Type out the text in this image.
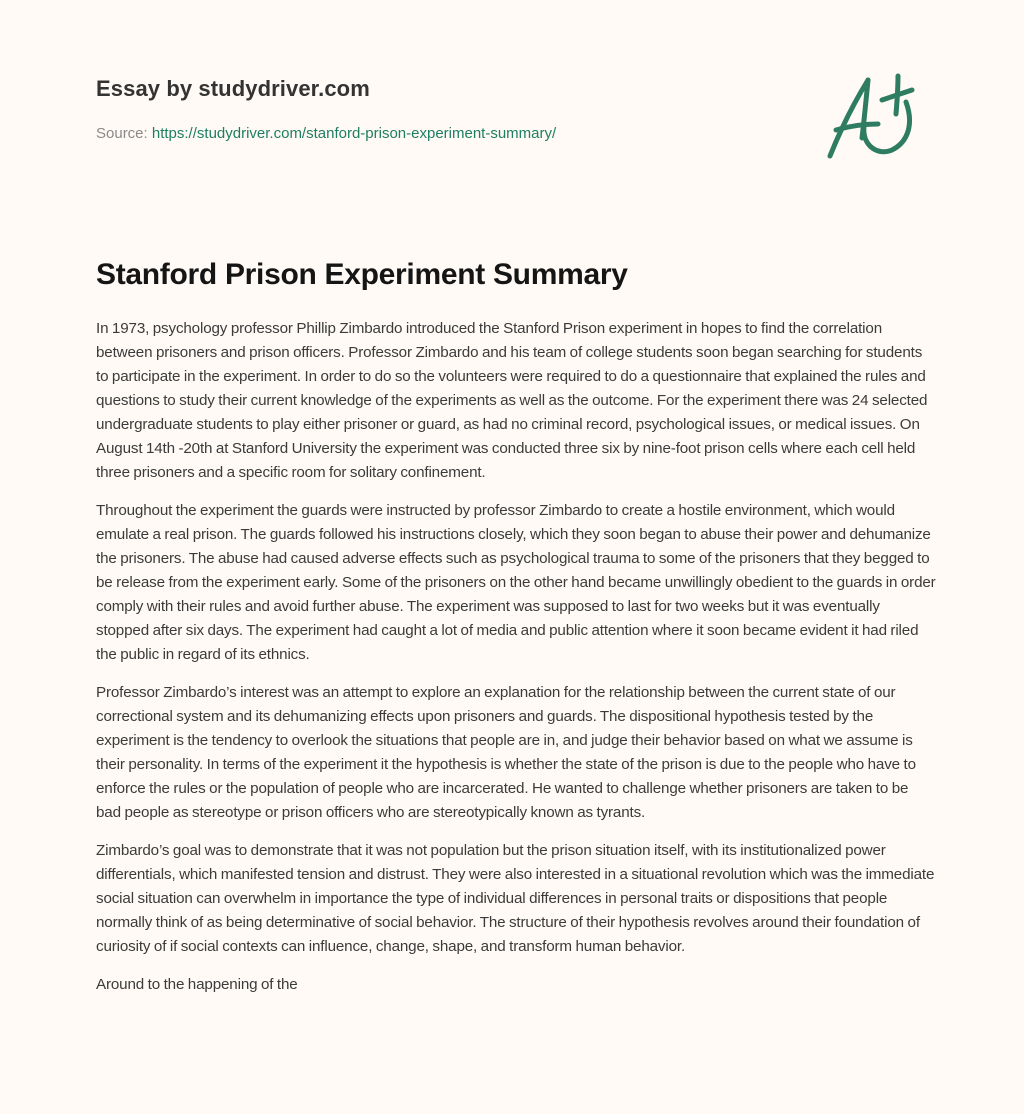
Essay by studydriver.com
Source: https://studydriver.com/stanford-prison-experiment-summary/
Stanford Prison Experiment Summary

In 1973, psychology professor Phillip Zimbardo introduced the Stanford Prison experiment in hopes to find the correlation between prisoners and prison officers. Professor Zimbardo and his team of college students soon began searching for students to participate in the experiment. In order to do so the volunteers were required to do a questionnaire that explained the rules and questions to study their current knowledge of the experiments as well as the outcome. For the experiment there was 24 selected undergraduate students to play either prisoner or guard, as had no criminal record, psychological issues, or medical issues. On August 14th -20th at Stanford University the experiment was conducted three six by nine-foot prison cells where each cell held three prisoners and a specific room for solitary confinement.

Throughout the experiment the guards were instructed by professor Zimbardo to create a hostile environment, which would emulate a real prison. The guards followed his instructions closely, which they soon began to abuse their power and dehumanize the prisoners. The abuse had caused adverse effects such as psychological trauma to some of the prisoners that they begged to be release from the experiment early. Some of the prisoners on the other hand became unwillingly obedient to the guards in order comply with their rules and avoid further abuse. The experiment was supposed to last for two weeks but it was eventually stopped after six days. The experiment had caught a lot of media and public attention where it soon became evident it had riled the public in regard of its ethnics.

Professor Zimbardo’s interest was an attempt to explore an explanation for the relationship between the current state of our correctional system and its dehumanizing effects upon prisoners and guards. The dispositional hypothesis tested by the experiment is the tendency to overlook the situations that people are in, and judge their behavior based on what we assume is their personality. In terms of the experiment it the hypothesis is whether the state of the prison is due to the people who have to enforce the rules or the population of people who are incarcerated. He wanted to challenge whether prisoners are taken to be bad people as stereotype or prison officers who are stereotypically known as tyrants.

Zimbardo’s goal was to demonstrate that it was not population but the prison situation itself, with its institutionalized power differentials, which manifested tension and distrust. They were also interested in a situational revolution which was the immediate social situation can overwhelm in importance the type of individual differences in personal traits or dispositions that people normally think of as being determinative of social behavior. The structure of their hypothesis revolves around their foundation of curiosity of if social contexts can influence, change, shape, and transform human behavior.

Around to the happening of the
